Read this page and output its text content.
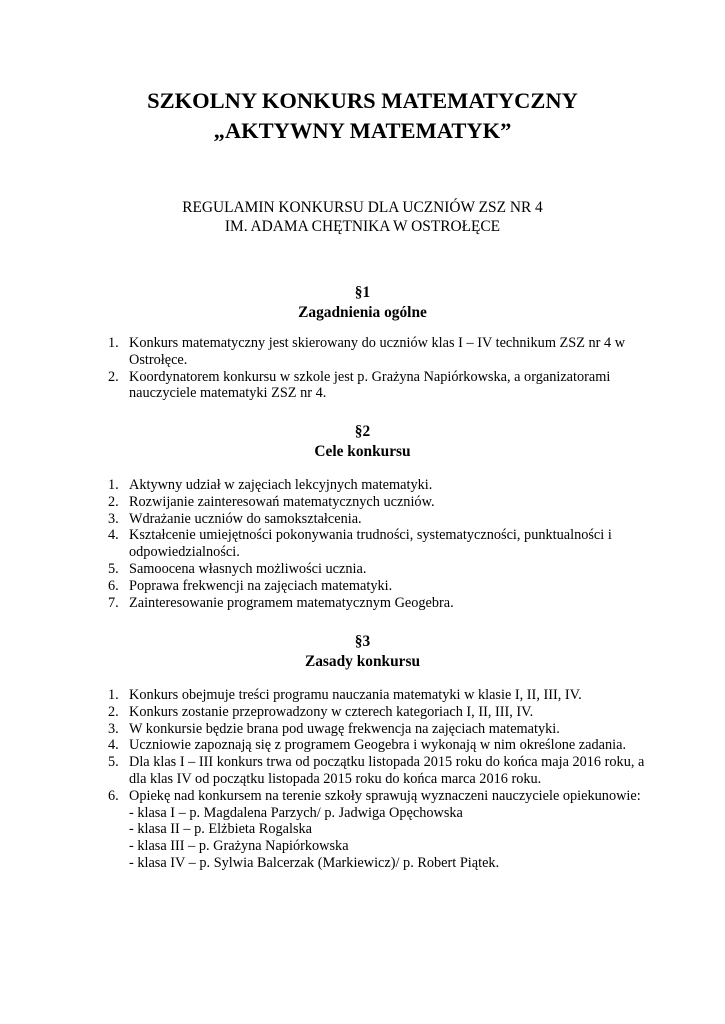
SZKOLNY KONKURS MATEMATYCZNY
„AKTYWNY MATEMATYK”
REGULAMIN KONKURSU DLA UCZNIÓW ZSZ NR 4
IM. ADAMA CHĘTNIKA W OSTROŁĘCE
§1
Zagadnienia ogólne
1. Konkurs matematyczny jest skierowany do uczniów klas I – IV technikum ZSZ nr 4 w Ostrołęce.
2. Koordynatorem konkursu w szkole jest p. Grażyna Napiórkowska, a organizatorami nauczyciele matematyki ZSZ nr 4.
§2
Cele konkursu
1. Aktywny udział w zajęciach lekcyjnych matematyki.
2. Rozwijanie zainteresowań matematycznych uczniów.
3. Wdrażanie uczniów do samokształcenia.
4. Kształcenie umiejętności pokonywania trudności, systematyczności, punktualności i odpowiedzialności.
5. Samoocena własnych możliwości ucznia.
6. Poprawa frekwencji na zajęciach matematyki.
7. Zainteresowanie programem matematycznym Geogebra.
§3
Zasady konkursu
1. Konkurs obejmuje treści programu nauczania matematyki w klasie I, II, III, IV.
2. Konkurs zostanie przeprowadzony w czterech kategoriach I, II, III, IV.
3. W konkursie będzie brana pod uwagę frekwencja na zajęciach matematyki.
4. Uczniowie zapoznają się z programem Geogebra i wykonają w nim określone zadania.
5. Dla klas I – III konkurs trwa od początku listopada 2015 roku do końca maja 2016 roku, a dla klas IV od początku listopada 2015 roku do końca marca 2016 roku.
6. Opiekę nad konkursem na terenie szkoły sprawują wyznaczeni nauczyciele opiekunowie:
- klasa I – p. Magdalena Parzych/ p. Jadwiga Opęchowska
- klasa II – p. Elżbieta Rogalska
- klasa III – p. Grażyna Napiórkowska
- klasa IV – p. Sylwia Balcerzak (Markiewicz)/ p. Robert Piątek.
